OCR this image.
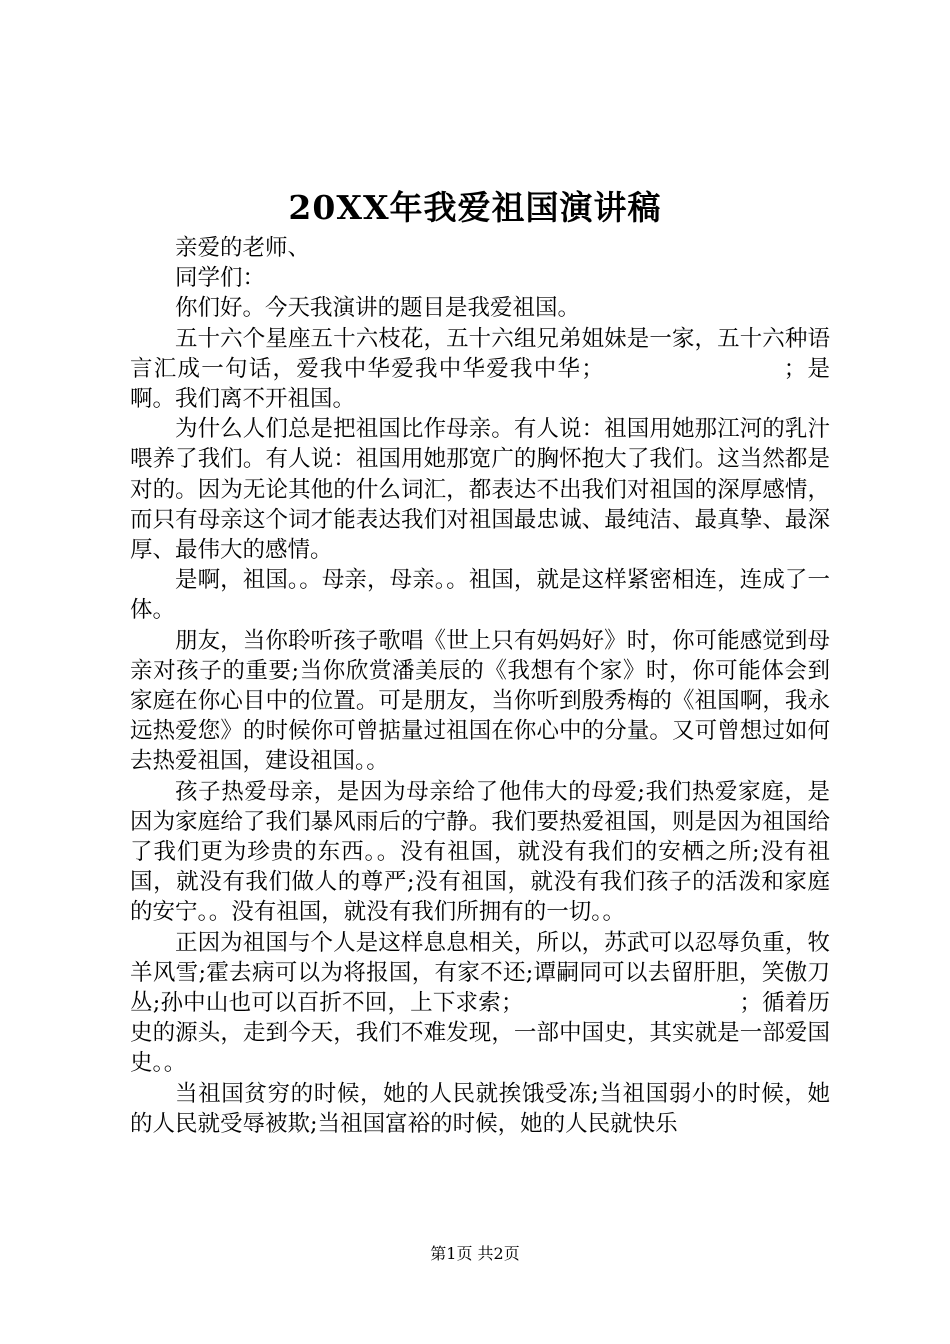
20XX年我爱祖国演讲稿

亲爱的老师、

同学们：

你们好。今天我演讲的题目是我爱祖国。

五十六个星座五十六枝花，五十六组兄弟姐妹是一家，五十六种语言汇成一句话，爱我中华爱我中华爱我中华；　　　　　　　　；是啊。我们离不开祖国。

为什么人们总是把祖国比作母亲。有人说：祖国用她那江河的乳汁喂养了我们。有人说：祖国用她那宽广的胸怀抱大了我们。这当然都是对的。因为无论其他的什么词汇，都表达不出我们对祖国的深厚感情，而只有母亲这个词才能表达我们对祖国最忠诚、最纯洁、最真挚、最深厚、最伟大的感情。

是啊，祖国。。母亲，母亲。。祖国，就是这样紧密相连，连成了一体。

朋友，当你聆听孩子歌唱《世上只有妈妈好》时，你可能感觉到母亲对孩子的重要;当你欣赏潘美辰的《我想有个家》时，你可能体会到家庭在你心目中的位置。可是朋友，当你听到殷秀梅的《祖国啊，我永远热爱您》的时候你可曾掂量过祖国在你心中的分量。又可曾想过如何去热爱祖国，建设祖国。。

孩子热爱母亲，是因为母亲给了他伟大的母爱;我们热爱家庭，是因为家庭给了我们暴风雨后的宁静。我们要热爱祖国，则是因为祖国给了我们更为珍贵的东西。。没有祖国，就没有我们的安栖之所;没有祖国，就没有我们做人的尊严;没有祖国，就没有我们孩子的活泼和家庭的安宁。。没有祖国，就没有我们所拥有的一切。。

正因为祖国与个人是这样息息相关，所以，苏武可以忍辱负重，牧羊风雪;霍去病可以为将报国，有家不还;谭嗣同可以去留肝胆，笑傲刀丛;孙中山也可以百折不回，上下求索；　　　　　　　　　　；循着历史的源头，走到今天，我们不难发现，一部中国史，其实就是一部爱国史。。

当祖国贫穷的时候，她的人民就挨饿受冻;当祖国弱小的时候，她的人民就受辱被欺;当祖国富裕的时候，她的人民就快乐

第1页 共2页
